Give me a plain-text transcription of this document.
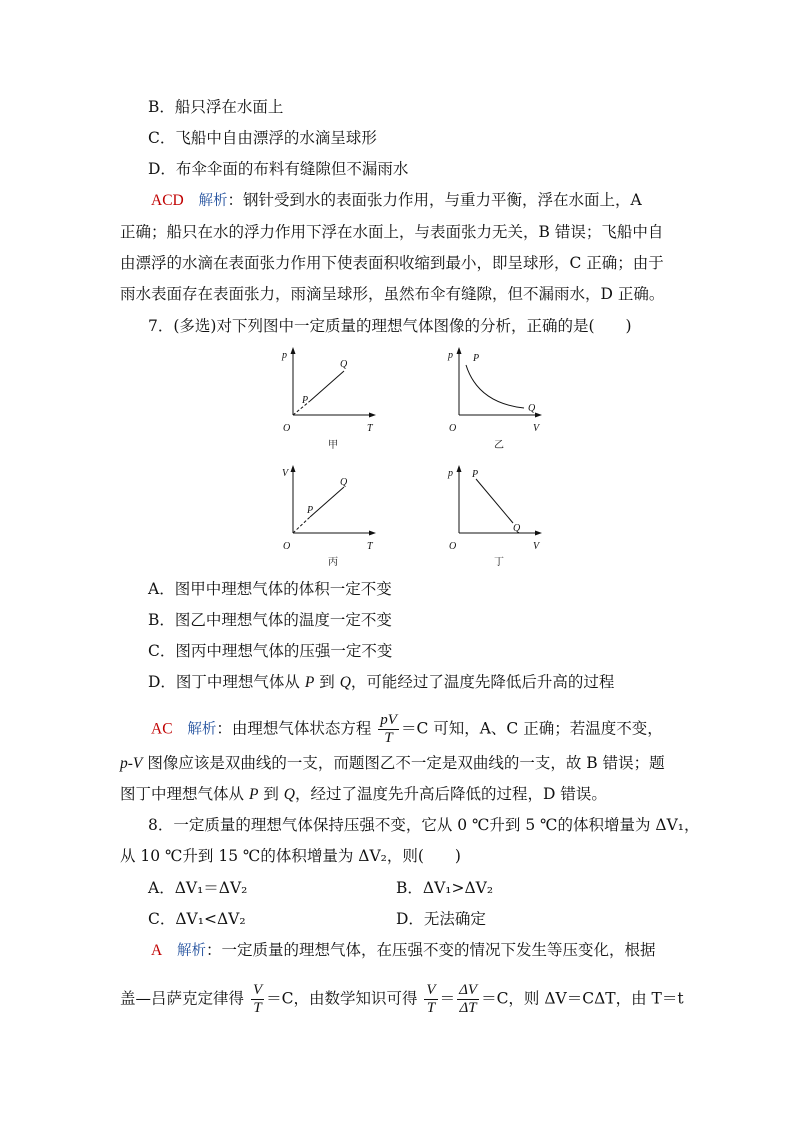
B．船只浮在水面上
C．飞船中自由漂浮的水滴呈球形
D．布伞伞面的布料有缝隙但不漏雨水
ACD 解析：钢针受到水的表面张力作用，与重力平衡，浮在水面上，A
正确；船只在水的浮力作用下浮在水面上，与表面张力无关，B 错误；飞船中自
由漂浮的水滴在表面张力作用下使表面积收缩到最小，即呈球形，C 正确；由于
雨水表面存在表面张力，雨滴呈球形，虽然布伞有缝隙，但不漏雨水，D 正确。
7．(多选)对下列图中一定质量的理想气体图像的分析，正确的是(　　)
p
T
O
P
Q
甲
p
V
O
P
Q
乙
V
T
O
P
Q
丙
p
V
O
P
Q
丁
A．图甲中理想气体的体积一定不变
B．图乙中理想气体的温度一定不变
C．图丙中理想气体的压强一定不变
D．图丁中理想气体从 P 到 Q，可能经过了温度先降低后升高的过程
AC 解析：由理想气体状态方程 $\frac{pV}{T} =C$ 可知，A、C 正确；若温度不变，
p-V 图像应该是双曲线的一支，而题图乙不一定是双曲线的一支，故 B 错误；题
图丁中理想气体从 P 到 Q，经过了温度先升高后降低的过程，D 错误。
8．一定质量的理想气体保持压强不变，它从 0 ℃升到 5 ℃的体积增量为 ΔV₁，
从 10 ℃升到 15 ℃的体积增量为 ΔV₂，则(　　)
A．ΔV₁＝ΔV₂	B．ΔV₁>ΔV₂
C．ΔV₁<ΔV₂	D．无法确定
A 解析：一定质量的理想气体，在压强不变的情况下发生等压变化，根据
盖—吕萨克定律得 $\frac{V}{T} =C$，由数学知识可得 $\frac{V}{T} = \frac{\Delta V}{\Delta T} =C$，则 ΔV＝CΔT，由 T＝t
